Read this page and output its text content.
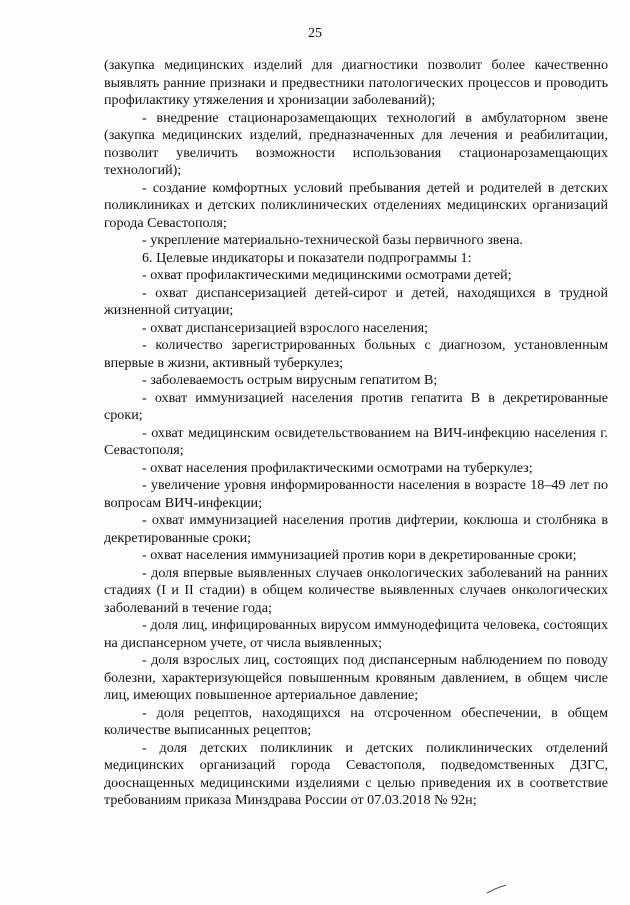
25

(закупка медицинских изделий для диагностики позволит более качественно выявлять ранние признаки и предвестники патологических процессов и проводить профилактику утяжеления и хронизации заболеваний);

- внедрение стационарозамещающих технологий в амбулаторном звене (закупка медицинских изделий, предназначенных для лечения и реабилитации, позволит увеличить возможности использования стационарозамещающих технологий);

- создание комфортных условий пребывания детей и родителей в детских поликлиниках и детских поликлинических отделениях медицинских организаций города Севастополя;

- укрепление материально-технической базы первичного звена.

6. Целевые индикаторы и показатели подпрограммы 1:

- охват профилактическими медицинскими осмотрами детей;

- охват диспансеризацией детей-сирот и детей, находящихся в трудной жизненной ситуации;

- охват диспансеризацией взрослого населения;

- количество зарегистрированных больных с диагнозом, установленным впервые в жизни, активный туберкулез;

- заболеваемость острым вирусным гепатитом В;

- охват иммунизацией населения против гепатита В в декретированные сроки;

- охват медицинским освидетельствованием на ВИЧ-инфекцию населения г. Севастополя;

- охват населения профилактическими осмотрами на туберкулез;

- увеличение уровня информированности населения в возрасте 18–49 лет по вопросам ВИЧ-инфекции;

- охват иммунизацией населения против дифтерии, коклюша и столбняка в декретированные сроки;

- охват населения иммунизацией против кори в декретированные сроки;

- доля впервые выявленных случаев онкологических заболеваний на ранних стадиях (I и II стадии) в общем количестве выявленных случаев онкологических заболеваний в течение года;

- доля лиц, инфицированных вирусом иммунодефицита человека, состоящих на диспансерном учете, от числа выявленных;

- доля взрослых лиц, состоящих под диспансерным наблюдением по поводу болезни, характеризующейся повышенным кровяным давлением, в общем числе лиц, имеющих повышенное артериальное давление;

- доля рецептов, находящихся на отсроченном обеспечении, в общем количестве выписанных рецептов;

- доля детских поликлиник и детских поликлинических отделений медицинских организаций города Севастополя, подведомственных ДЗГС, дооснащенных медицинскими изделиями с целью приведения их в соответствие требованиям приказа Минздрава России от 07.03.2018 № 92н;
